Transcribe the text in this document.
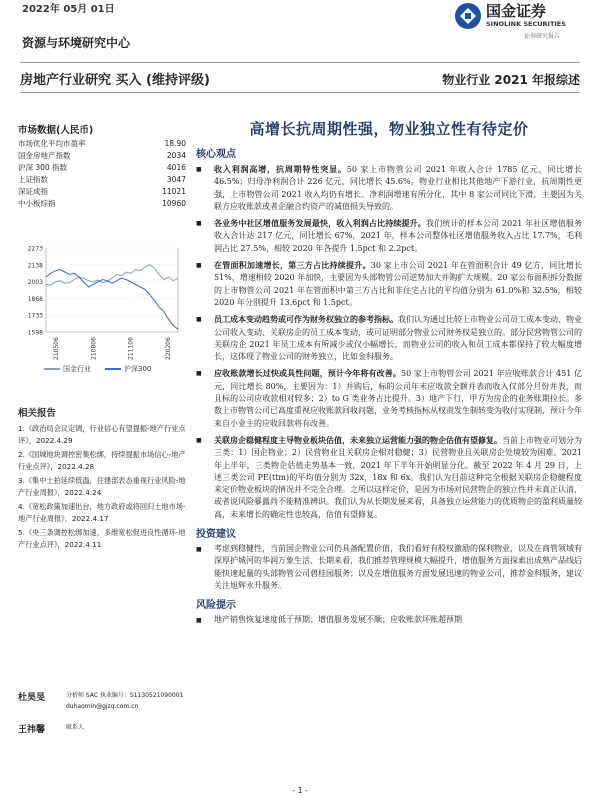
2022年 05月 01日
资源与环境研究中心
国金证券
SINOLINK SECURITIES
证券研究报告
房地产行业研究 买入 (维持评级)	物业行业 2021 年报综述
市场数据(人民币)
市场优化平均市盈率	18.90
国金房地产指数	2034
沪深 300 指数	4016
上证指数	3047
深证成指	11021
中小板综指	10960
2273
2138
2003
1868
1733
1598
210506	210806	211106	220206
国金行业	沪深300
相关报告
1.《政治局会议定调，行业信心有望提振-地产行业点评》，2022.4.29
2.《国城地块调控密集松绑，持续提振市场信心-地产行业点评》，2022.4.28
3.《集中土拍延续低温，住建部表态重视行业风险-地产行业周报》，2022.4.24
4.《宽松政策加速出台，地方政府或将回归土地市场-地产行业周报》，2022.4.17
5.《央三条调控松绑加速，多维宽松促进良性循环-地产行业点评》，2022.4.11
杜昊旻	分析师 SAC 执业编号：S1130521090001
duhaomin@gjzq.com.cn
王祎馨	联系人
高增长抗周期性强，物业独立性有待定价
核心观点
■	收入利润高增，抗周期特性突显。50 家上市物管公司 2021 年收入合计 1785 亿元，同比增长 46.5%；归母净利润合计 226 亿元，同比增长 45.6%。物业行业相比其他地产下游行业，抗周期性更强，上市物管公司 2021 收入均仍有增长。净利润增速有所分化，其中 8 家公司同比下滑，主要因为关联方应收账款或者企融合约资产的减值损失导致的。
■	各业务中社区增值服务发展最快，收入利润占比持续提升。我们统计的样本公司 2021 年社区增值服务收入合计达 217 亿元，同比增长 67%，2021 年，样本公司整体社区增值服务收入占比 17.7%，毛利润占比 27.5%，相较 2020 年各提升 1.5pct 和 2.2pct。
■	在管面积加速增长，第三方占比持续提升。30 家上市公司 2021 年在管面积合计 49 亿方，同比增长 51%，增速相较 2020 年加快，主要因为头部物管公司逆势加大并购扩大规模。20 家公布面积拆分数据的上市物管公司 2021 年在管面积中第三方占比和非住宅占比的平均值分别为 61.0%和 32.5%，相较 2020 年分别提升 13.6pct 和 1.5pct。
■	员工成本变动趋势或可作为财务权独立的参考指标。我们认为通过比较上市物业公司员工成本变动、物业公司收入变动、关联房企的员工成本变动，或可证明部分物业公司财务权是独立的。部分民营物管公司的关联房企 2021 年员工成本有所减少或仅小幅增长，而物业公司的收入和员工成本都保持了较大幅度增长，这体现了物业公司的财务独立，比如金科服务。
■	应收账款增长过快或具性问题，预计今年将有改善。50 家上市物管公司 2021 年应收账款合计 451 亿元，同比增长 80%，主要因为：1）并购后，标的公司年末应收款全额并表而收入仅部分月份并表，而且标的公司应收款相对较多；2）to G 类业务占比提升。3）地产下行，甲方为房企的业务账期拉长。多数上市物管公司已高度重视应收账款回收问题，业务考核指标从权责发生制转变为收付实现制，预计今年来自小业主的应收回款将有改善。
■	关联房企稳健程度主导物业板块估值，未来独立运营能力强的物企估值有望修复。当前上市物业可划分为三类：1）国企物业；2）民营物业且关联房企相对稳健；3）民营物业且关联房企处境较为困难。2021 年上半年，三类物企估值走势基本一致，2021 年下半年开始明显分化。截至 2022 年 4 月 29 日，上述三类公司 PE(ttm)的平均值分别为 32x，18x 和 6x。我们认为目前这种完全根据关联房企稳健程度来定价物业板块的情况并不完全合理。之所以这样定价，是因为市场对民营物企的独立性并未真正认清，或者说风险暴露尚不能精准辨识。我们认为从长期发展来看，具备独立运营能力的优质物企的盈利质量较高，未来增长的确定性也较高，估值有望修复。
投资建议
■	考虑到稳健性，当前国企物业公司仍具备配置价值，我们看好有股权激励的保利物业，以及在商管领域有深厚护城河的华润万象生活、长期来看，我们推荐管理规模大幅提升，增值服务方面探索出成熟产品线后能快速起量的头部物管公司碧桂园服务；以及在增值服务方面发展迅速的物业公司，推荐金科服务，建议关注旭辉永升服务。
风险提示
■	地产销售恢复速度低于预期；增值服务发展不顺；应收账款坏账超预期
- 1 -
